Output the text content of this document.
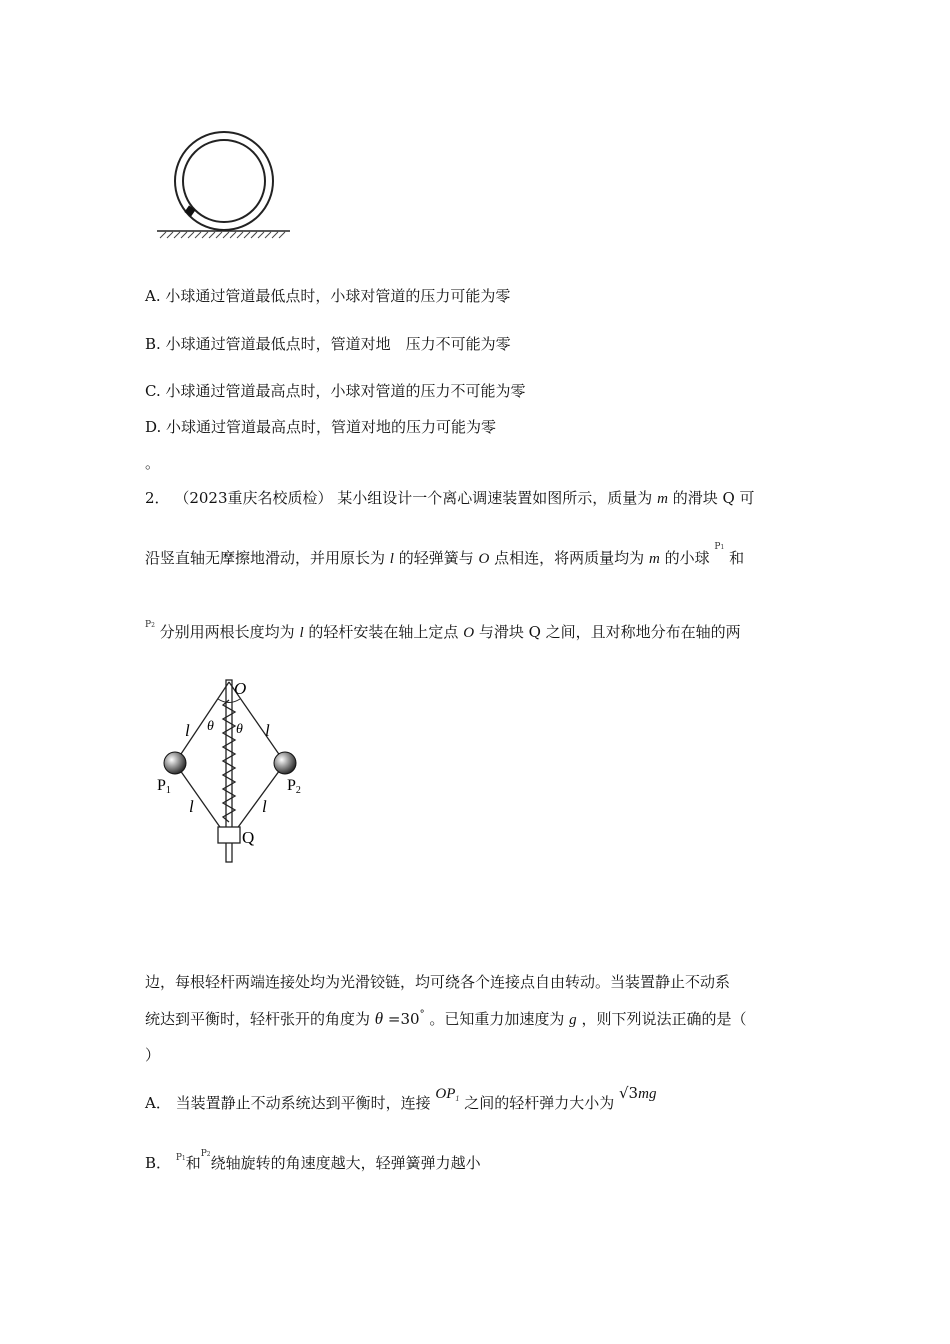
A. 小球通过管道最低点时，小球对管道的压力可能为零
B. 小球通过管道最低点时，管道对地　压力不可能为零
C. 小球通过管道最高点时，小球对管道的压力不可能为零
D. 小球通过管道最高点时，管道对地的压力可能为零
。
2． （2023重庆名校质检） 某小组设计一个离心调速装置如图所示，质量为 m 的滑块 Q 可
沿竖直轴无摩擦地滑动，并用原长为 l 的轻弹簧与 O 点相连，将两质量均为 m 的小球 $^{P1}$ 和
$^{P2}$ 分别用两根长度均为 l 的轻杆安装在轴上定点 O 与滑块 Q 之间，且对称地分布在轴的两
O
l	l
θ θ
P1	P2
l	l
Q
边，每根轻杆两端连接处均为光滑铰链，均可绕各个连接点自由转动。当装置静止不动系
统达到平衡时，轻杆张开的角度为 θ =30° 。已知重力加速度为 g ，则下列说法正确的是（
）
A． 当装置静止不动系统达到平衡时，连接 $OP_1$ 之间的轻杆弹力大小为 √3mg
B． $^{P1}$和$^{P2}$绕轴旋转的角速度越大，轻弹簧弹力越小
